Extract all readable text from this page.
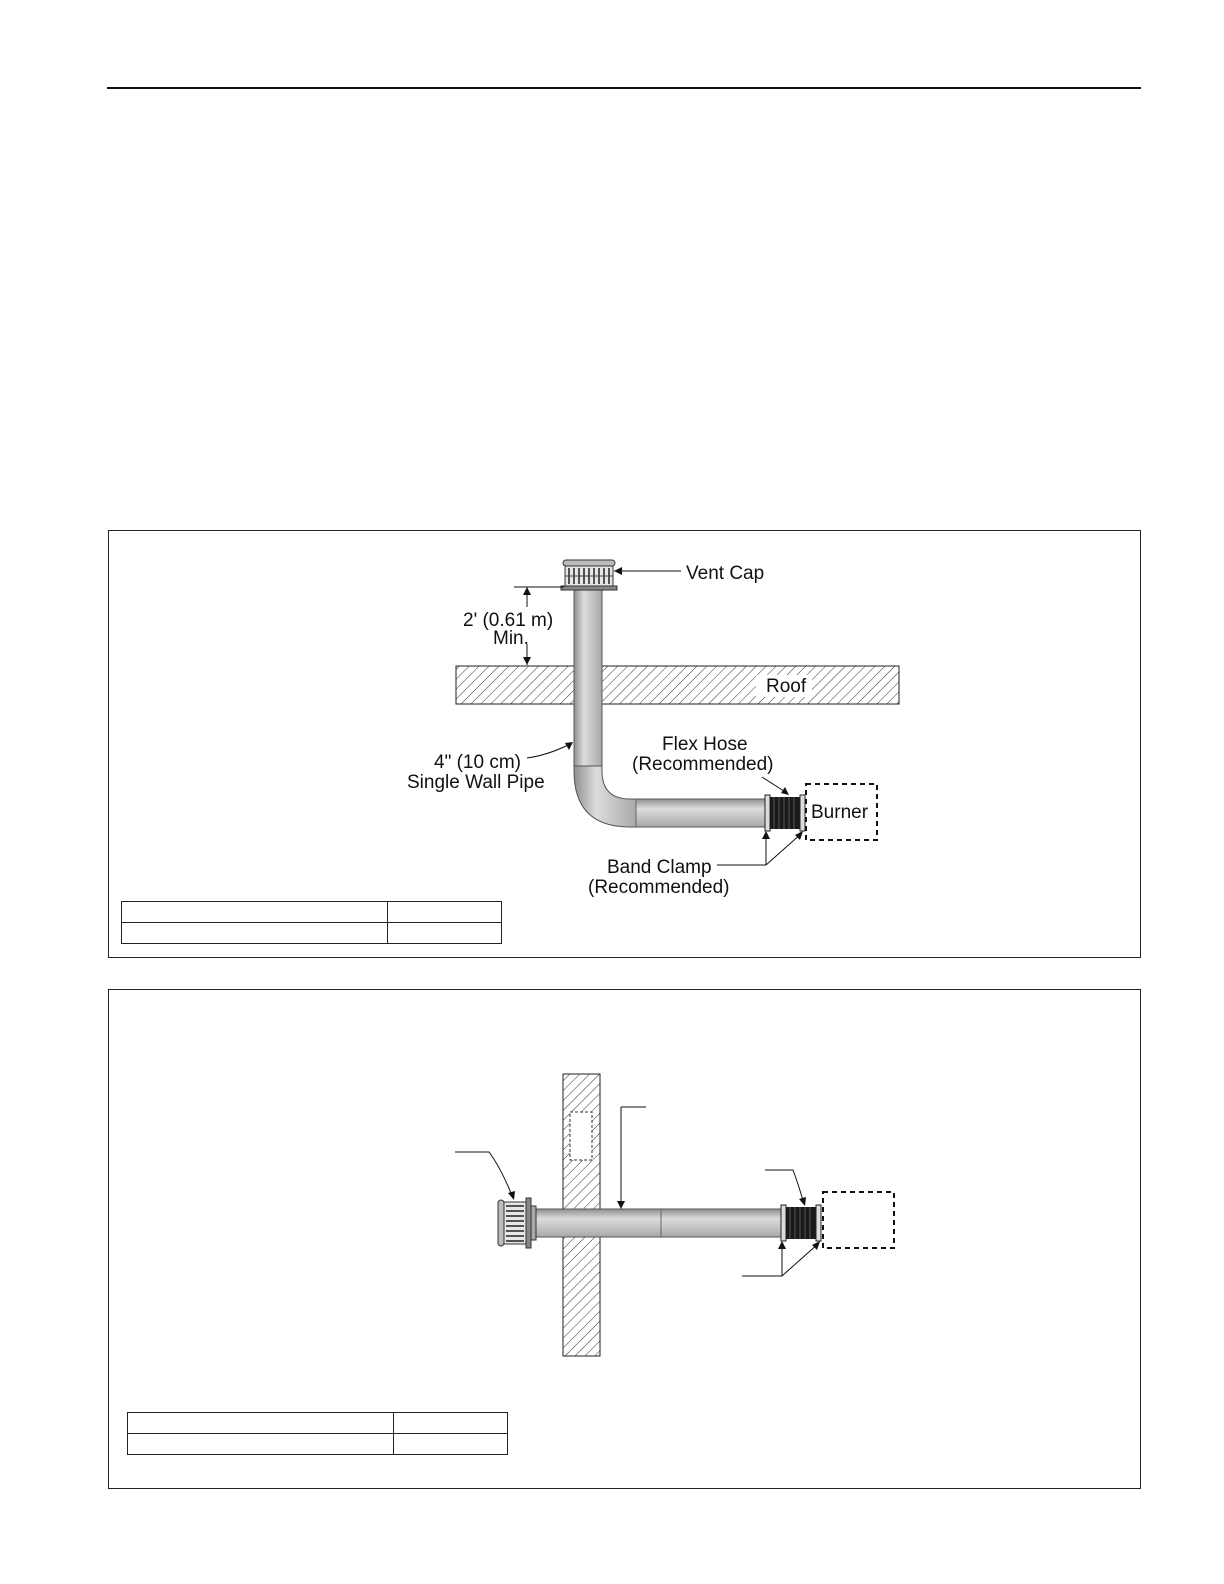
Roof
Burner
Vent Cap
2' (0.61 m)
Min.
4" (10 cm)
Single Wall Pipe
Flex Hose
(Recommended)
Band Clamp
(Recommended)
